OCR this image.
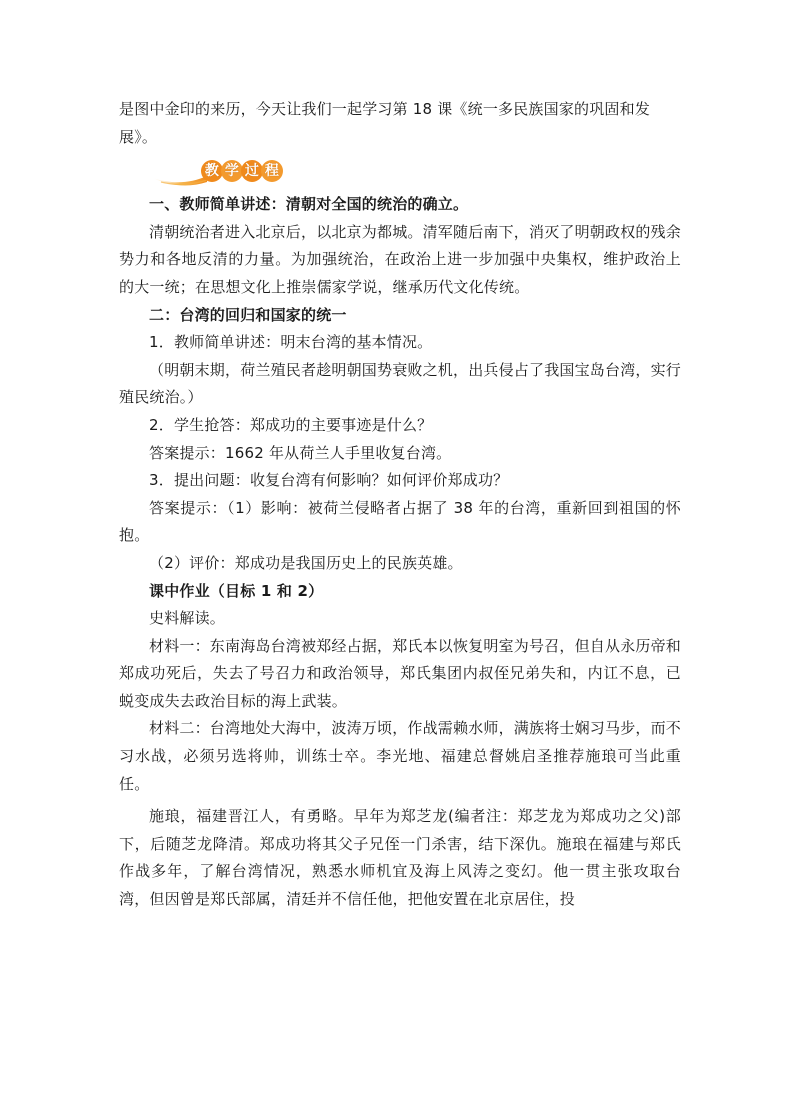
是图中金印的来历，今天让我们一起学习第 18 课《统一多民族国家的巩固和发

展》。

教 学 过 程

一、教师简单讲述：清朝对全国的统治的确立。

清朝统治者进入北京后，以北京为都城。清军随后南下，消灭了明朝政权的残余势力和各地反清的力量。为加强统治，在政治上进一步加强中央集权，维护政治上的大一统；在思想文化上推崇儒家学说，继承历代文化传统。

二：台湾的回归和国家的统一

1．教师简单讲述：明末台湾的基本情况。

（明朝末期，荷兰殖民者趁明朝国势衰败之机，出兵侵占了我国宝岛台湾，实行殖民统治。）

2．学生抢答：郑成功的主要事迹是什么？

答案提示：1662 年从荷兰人手里收复台湾。

3．提出问题：收复台湾有何影响？如何评价郑成功？

答案提示：（1）影响：被荷兰侵略者占据了 38 年的台湾，重新回到祖国的怀抱。

（2）评价：郑成功是我国历史上的民族英雄。

课中作业（目标 1 和 2）

史料解读。

材料一：东南海岛台湾被郑经占据，郑氏本以恢复明室为号召，但自从永历帝和郑成功死后，失去了号召力和政治领导，郑氏集团内叔侄兄弟失和，内讧不息，已蜕变成失去政治目标的海上武装。

材料二：台湾地处大海中，波涛万顷，作战需赖水师，满族将士娴习马步，而不习水战，必须另选将帅，训练士卒。李光地、福建总督姚启圣推荐施琅可当此重任。

施琅，福建晋江人，有勇略。早年为郑芝龙(编者注：郑芝龙为郑成功之父)部下，后随芝龙降清。郑成功将其父子兄侄一门杀害，结下深仇。施琅在福建与郑氏作战多年，了解台湾情况，熟悉水师机宜及海上风涛之变幻。他一贯主张攻取台湾，但因曾是郑氏部属，清廷并不信任他，把他安置在北京居住，投
